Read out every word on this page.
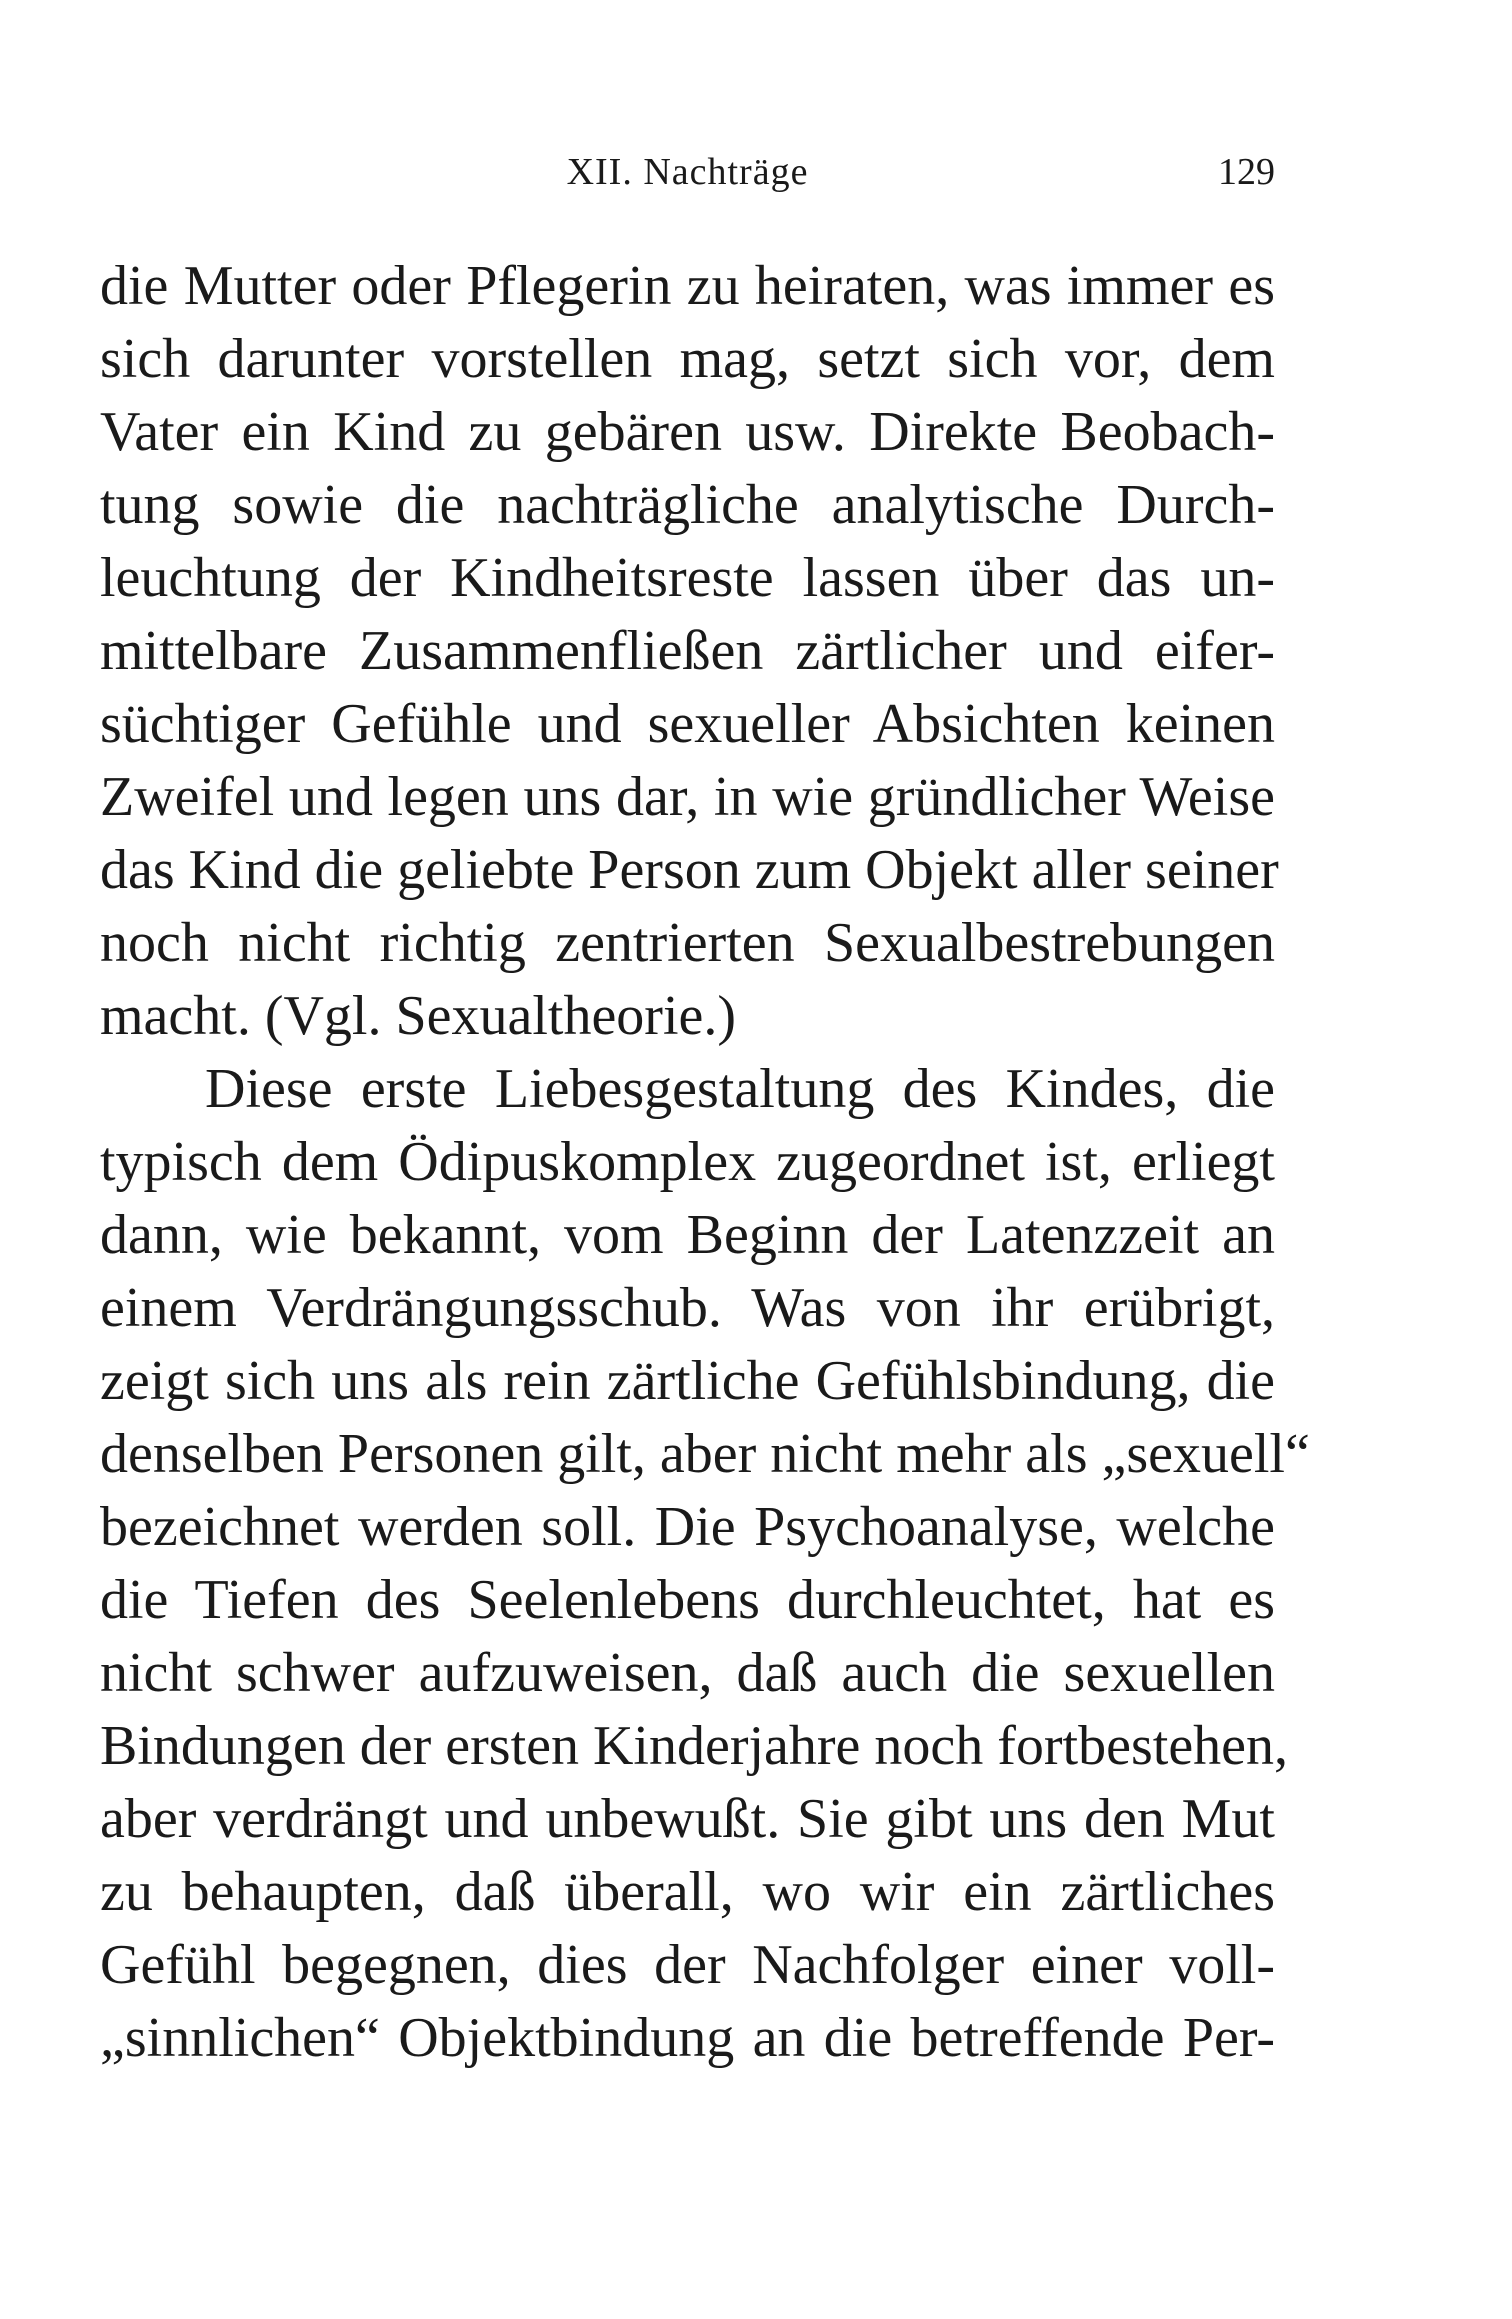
XII. Nachträge	129
die Mutter oder Pflegerin zu heiraten, was immer es
sich darunter vorstellen mag, setzt sich vor, dem
Vater ein Kind zu gebären usw. Direkte Beobach-
tung sowie die nachträgliche analytische Durch-
leuchtung der Kindheitsreste lassen über das un-
mittelbare Zusammenfließen zärtlicher und eifer-
süchtiger Gefühle und sexueller Absichten keinen
Zweifel und legen uns dar, in wie gründlicher Weise
das Kind die geliebte Person zum Objekt aller seiner
noch nicht richtig zentrierten Sexualbestrebungen
macht. (Vgl. Sexualtheorie.)
Diese erste Liebesgestaltung des Kindes, die
typisch dem Ödipuskomplex zugeordnet ist, erliegt
dann, wie bekannt, vom Beginn der Latenzzeit an
einem Verdrängungsschub. Was von ihr erübrigt,
zeigt sich uns als rein zärtliche Gefühlsbindung, die
denselben Personen gilt, aber nicht mehr als „sexuell“
bezeichnet werden soll. Die Psychoanalyse, welche
die Tiefen des Seelenlebens durchleuchtet, hat es
nicht schwer aufzuweisen, daß auch die sexuellen
Bindungen der ersten Kinderjahre noch fortbestehen,
aber verdrängt und unbewußt. Sie gibt uns den Mut
zu behaupten, daß überall, wo wir ein zärtliches
Gefühl begegnen, dies der Nachfolger einer voll-
„sinnlichen“ Objektbindung an die betreffende Per-
